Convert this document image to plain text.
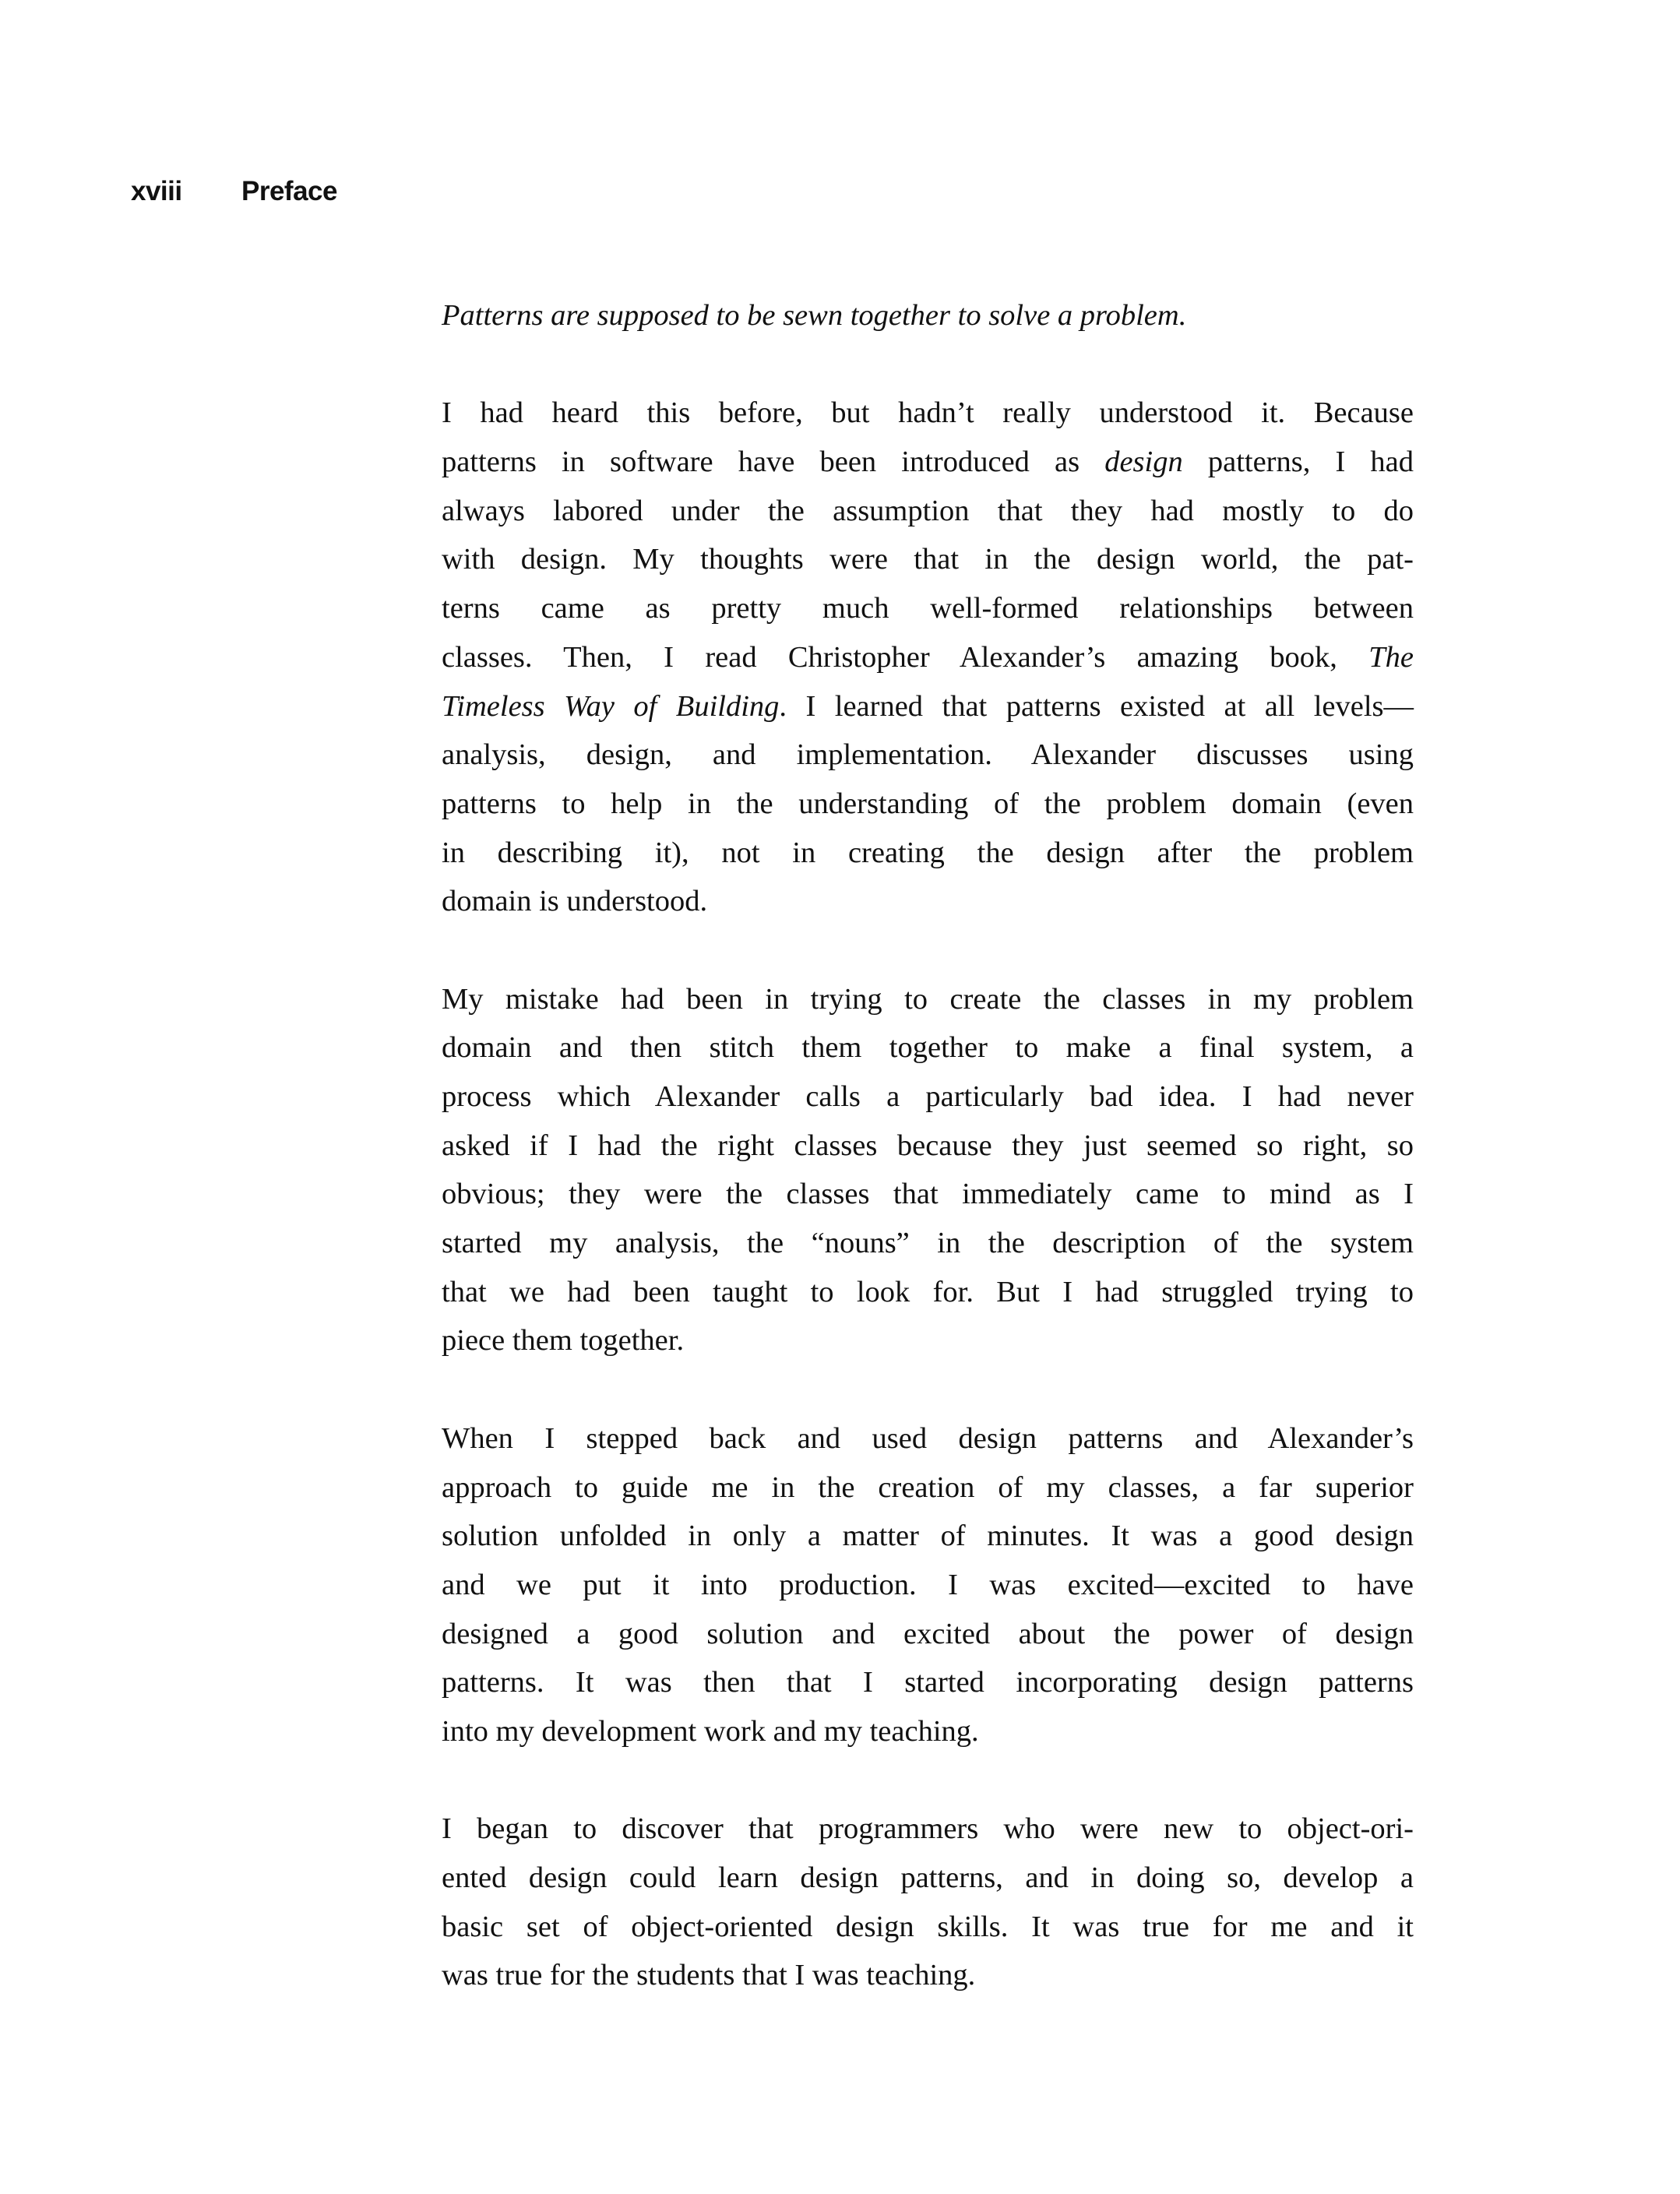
xviii Preface
Patterns are supposed to be sewn together to solve a problem.
I had heard this before, but hadn’t really understood it. Because
patterns in software have been introduced as design patterns, I had
always labored under the assumption that they had mostly to do
with design. My thoughts were that in the design world, the pat-
terns came as pretty much well-formed relationships between
classes. Then, I read Christopher Alexander’s amazing book, The
Timeless Way of Building. I learned that patterns existed at all levels—
analysis, design, and implementation. Alexander discusses using
patterns to help in the understanding of the problem domain (even
in describing it), not in creating the design after the problem
domain is understood.
My mistake had been in trying to create the classes in my problem
domain and then stitch them together to make a final system, a
process which Alexander calls a particularly bad idea. I had never
asked if I had the right classes because they just seemed so right, so
obvious; they were the classes that immediately came to mind as I
started my analysis, the “nouns” in the description of the system
that we had been taught to look for. But I had struggled trying to
piece them together.
When I stepped back and used design patterns and Alexander’s
approach to guide me in the creation of my classes, a far superior
solution unfolded in only a matter of minutes. It was a good design
and we put it into production. I was excited—excited to have
designed a good solution and excited about the power of design
patterns. It was then that I started incorporating design patterns
into my development work and my teaching.
I began to discover that programmers who were new to object-ori-
ented design could learn design patterns, and in doing so, develop a
basic set of object-oriented design skills. It was true for me and it
was true for the students that I was teaching.
